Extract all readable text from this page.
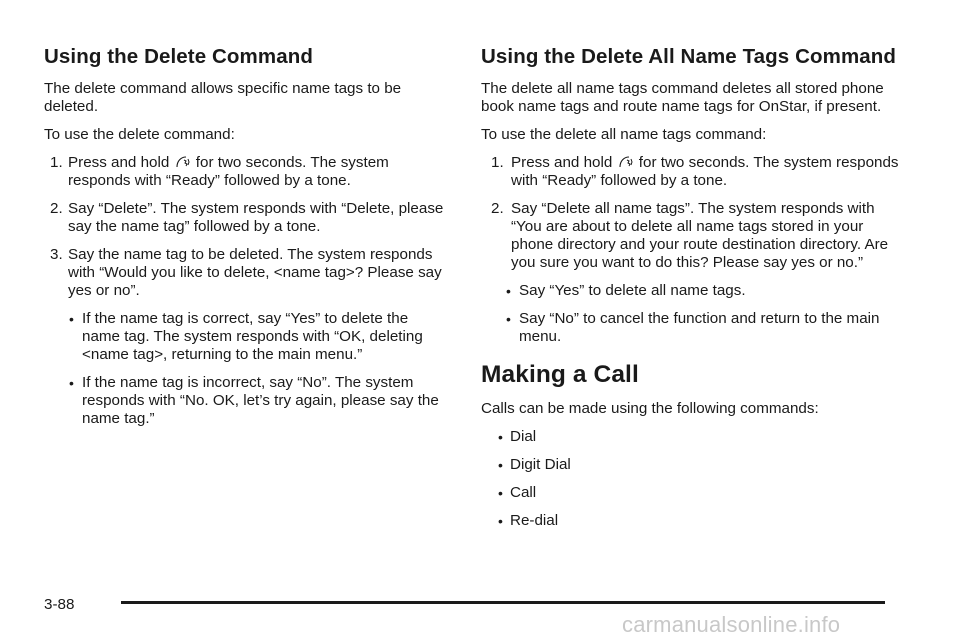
Using the Delete Command

The delete command allows specific name tags to be deleted.

To use the delete command:

1. Press and hold for two seconds. The system responds with “Ready” followed by a tone.
2. Say “Delete”. The system responds with “Delete, please say the name tag” followed by a tone.
3. Say the name tag to be deleted. The system responds with “Would you like to delete, <name tag>? Please say yes or no”.
• If the name tag is correct, say “Yes” to delete the name tag. The system responds with “OK, deleting <name tag>, returning to the main menu.”
• If the name tag is incorrect, say “No”. The system responds with “No. OK, let’s try again, please say the name tag.”
Using the Delete All Name Tags Command

The delete all name tags command deletes all stored phone book name tags and route name tags for OnStar, if present.

To use the delete all name tags command:

1. Press and hold for two seconds. The system responds with “Ready” followed by a tone.
2. Say “Delete all name tags”. The system responds with “You are about to delete all name tags stored in your phone directory and your route destination directory. Are you sure you want to do this? Please say yes or no.”
• Say “Yes” to delete all name tags.
• Say “No” to cancel the function and return to the main menu.
Making a Call

Calls can be made using the following commands:

• Dial
• Digit Dial
• Call
• Re-dial
3-88
carmanualsonline.info
